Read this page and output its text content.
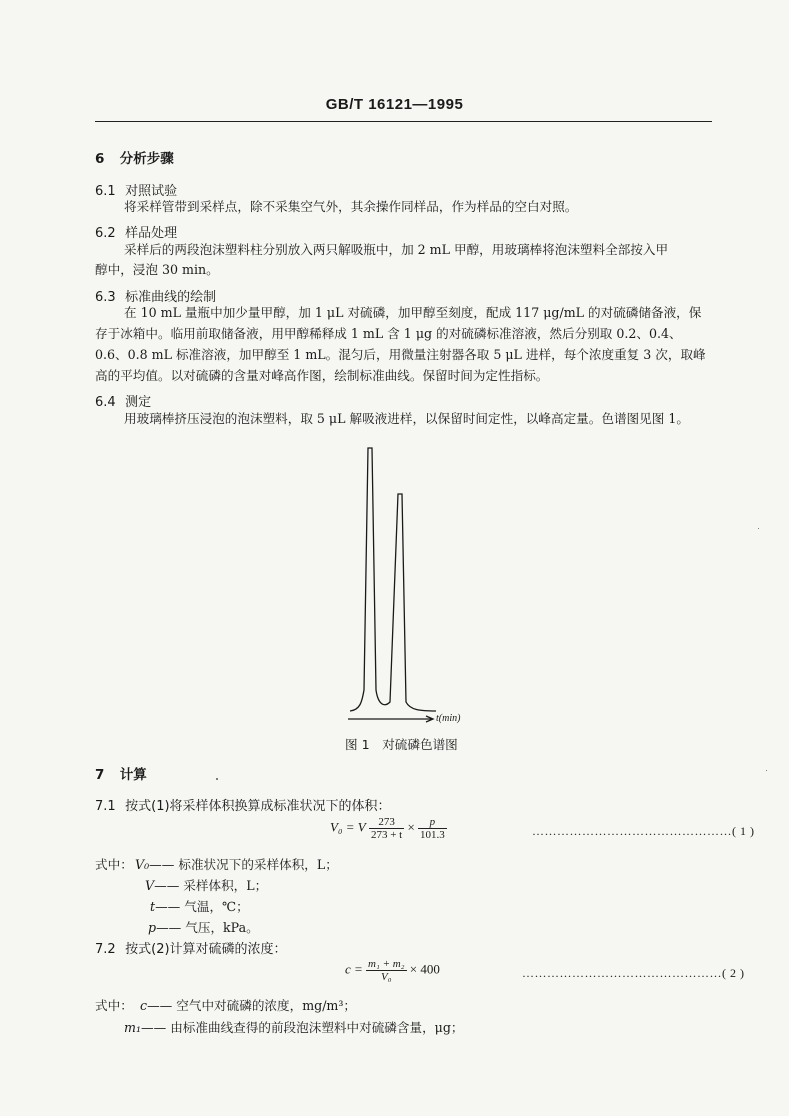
GB/T 16121—1995
6 分析步骤
6.1 对照试验
将采样管带到采样点，除不采集空气外，其余操作同样品，作为样品的空白对照。
6.2 样品处理
采样后的两段泡沫塑料柱分别放入两只解吸瓶中，加 2 mL 甲醇，用玻璃棒将泡沫塑料全部按入甲
醇中，浸泡 30 min。
6.3 标准曲线的绘制
在 10 mL 量瓶中加少量甲醇，加 1 μL 对硫磷，加甲醇至刻度，配成 117 μg/mL 的对硫磷储备液，保
存于冰箱中。临用前取储备液，用甲醇稀释成 1 mL 含 1 μg 的对硫磷标准溶液，然后分别取 0.2、0.4、
0.6、0.8 mL 标准溶液，加甲醇至 1 mL。混匀后，用微量注射器各取 5 μL 进样，每个浓度重复 3 次，取峰
高的平均值。以对硫磷的含量对峰高作图，绘制标准曲线。保留时间为定性指标。
6.4 测定
用玻璃棒挤压浸泡的泡沫塑料，取 5 μL 解吸液进样，以保留时间定性，以峰高定量。色谱图见图 1。
t(min)
图 1　对硫磷色谱图
7 计算
7.1 按式(1)将采样体积换算成标准状况下的体积：
V₀ = V $\frac{273}{273 + t} \times \frac{p}{101.3}$	…………………………………………( 1 )
式中： V₀—— 标准状况下的采样体积，L；
V—— 采样体积，L；
t—— 气温，℃；
p—— 气压，kPa。
7.2 按式(2)计算对硫磷的浓度：
$c = \frac{\text{m₁ + m₂}}{\text{V₀}} \times 400$	…………………………………………( 2 )
式中： c—— 空气中对硫磷的浓度，mg/m³；
m₁—— 由标准曲线查得的前段泡沫塑料中对硫磷含量，μg；
